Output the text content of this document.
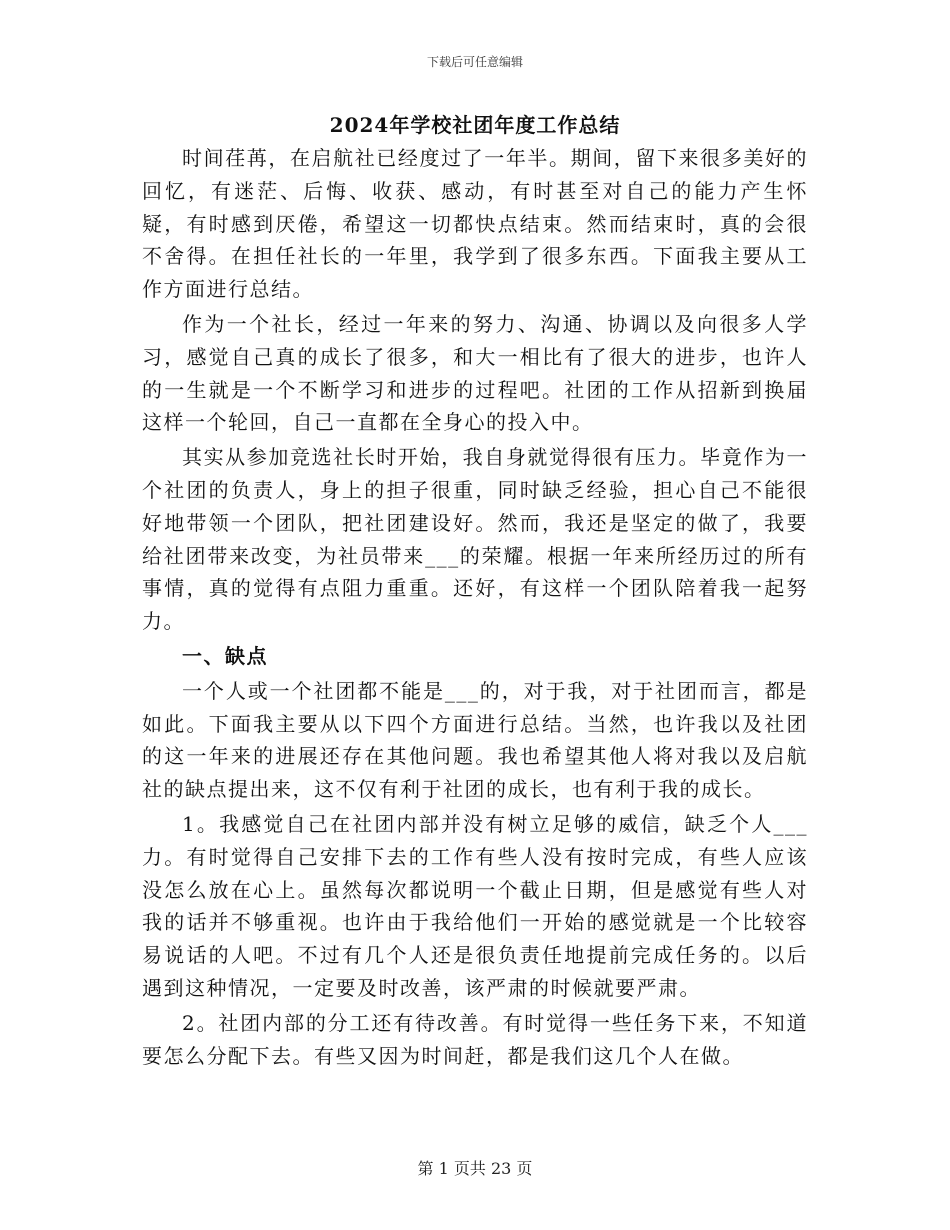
下载后可任意编辑
2024年学校社团年度工作总结

时间荏苒，在启航社已经度过了一年半。期间，留下来很多美好的回忆，有迷茫、后悔、收获、感动，有时甚至对自己的能力产生怀疑，有时感到厌倦，希望这一切都快点结束。然而结束时，真的会很不舍得。在担任社长的一年里，我学到了很多东西。下面我主要从工作方面进行总结。

作为一个社长，经过一年来的努力、沟通、协调以及向很多人学习，感觉自己真的成长了很多，和大一相比有了很大的进步，也许人的一生就是一个不断学习和进步的过程吧。社团的工作从招新到换届这样一个轮回，自己一直都在全身心的投入中。

其实从参加竞选社长时开始，我自身就觉得很有压力。毕竟作为一个社团的负责人，身上的担子很重，同时缺乏经验，担心自己不能很好地带领一个团队，把社团建设好。然而，我还是坚定的做了，我要给社团带来改变，为社员带来___的荣耀。根据一年来所经历过的所有事情，真的觉得有点阻力重重。还好，有这样一个团队陪着我一起努力。

一、缺点

一个人或一个社团都不能是___的，对于我，对于社团而言，都是如此。下面我主要从以下四个方面进行总结。当然，也许我以及社团的这一年来的进展还存在其他问题。我也希望其他人将对我以及启航社的缺点提出来，这不仅有利于社团的成长，也有利于我的成长。

1。我感觉自己在社团内部并没有树立足够的威信，缺乏个人___力。有时觉得自己安排下去的工作有些人没有按时完成，有些人应该没怎么放在心上。虽然每次都说明一个截止日期，但是感觉有些人对我的话并不够重视。也许由于我给他们一开始的感觉就是一个比较容易说话的人吧。不过有几个人还是很负责任地提前完成任务的。以后遇到这种情况，一定要及时改善，该严肃的时候就要严肃。

2。社团内部的分工还有待改善。有时觉得一些任务下来，不知道要怎么分配下去。有些又因为时间赶，都是我们这几个人在做。

第 1 页共 23 页
